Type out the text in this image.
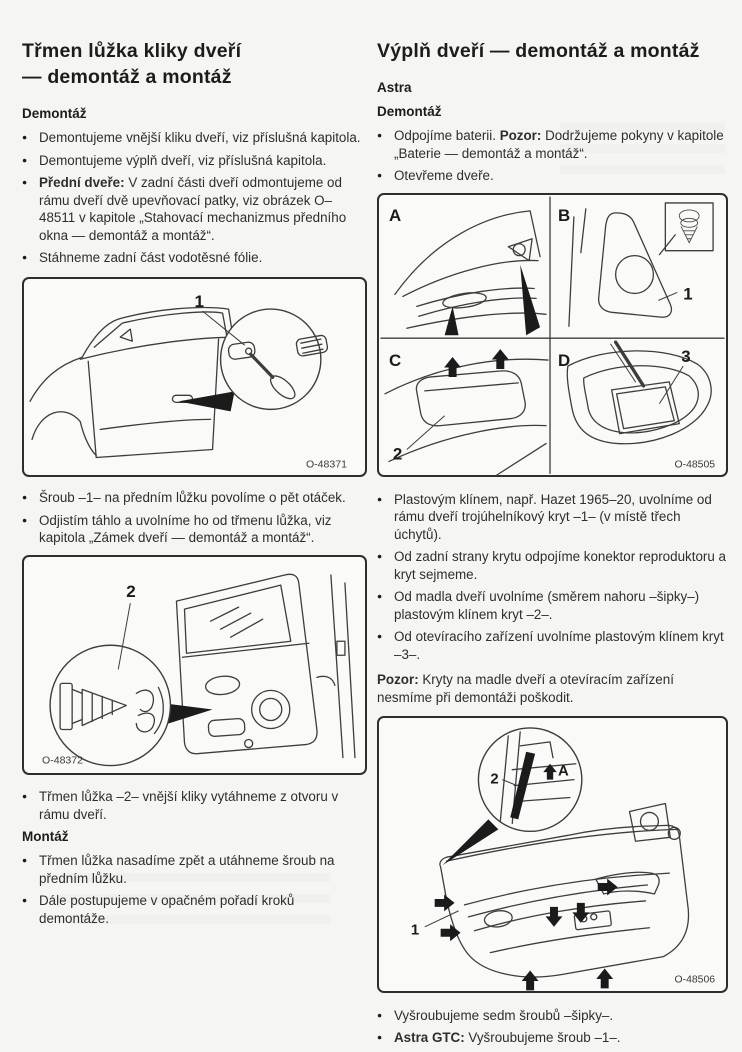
Třmen lůžka kliky dveří
— demontáž a montáž
Demontáž
● Demontujeme vnější kliku dveří, viz příslušná kapitola.
● Demontujeme výplň dveří, viz příslušná kapitola.
● Přední dveře: V zadní části dveří odmontujeme od rámu dveří dvě upevňovací patky, viz obrázek O–48511 v kapitole „Stahovací mechanizmus předního okna — demontáž a montáž“.
● Stáhneme zadní část vodotěsné fólie.
1
O-48371
● Šroub –1– na předním lůžku povolíme o pět otáček.
● Odjistím táhlo a uvolníme ho od třmenu lůžka, viz kapitola „Zámek dveří — demontáž a montáž“.
2
O-48372
● Třmen lůžka –2– vnější kliky vytáhneme z otvoru v rámu dveří.
Montáž
● Třmen lůžka nasadíme zpět a utáhneme šroub na předním lůžku.
● Dále postupujeme v opačném pořadí kroků demontáže.
Výplň dveří — demontáž a montáž
Astra
Demontáž
● Odpojíme baterii. Pozor: Dodržujeme pokyny v kapitole „Baterie — demontáž a montáž“.
● Otevřeme dveře.
A
1
B
2
C	3
D
O-48505
● Plastovým klínem, např. Hazet 1965–20, uvolníme od rámu dveří trojúhelníkový kryt –1– (v místě třech úchytů).
● Od zadní strany krytu odpojíme konektor reproduktoru a kryt sejmeme.
● Od madla dveří uvolníme (směrem nahoru –šipky–) plastovým klínem kryt –2–.
● Od otevíracího zařízení uvolníme plastovým klínem kryt –3–.

Pozor: Kryty na madle dveří a otevíracím zařízení nesmíme při demontáži poškodit.

2	A
1
O-48506
● Vyšroubujeme sedm šroubů –šipky–.
● Astra GTC: Vyšroubujeme šroub –1–.
